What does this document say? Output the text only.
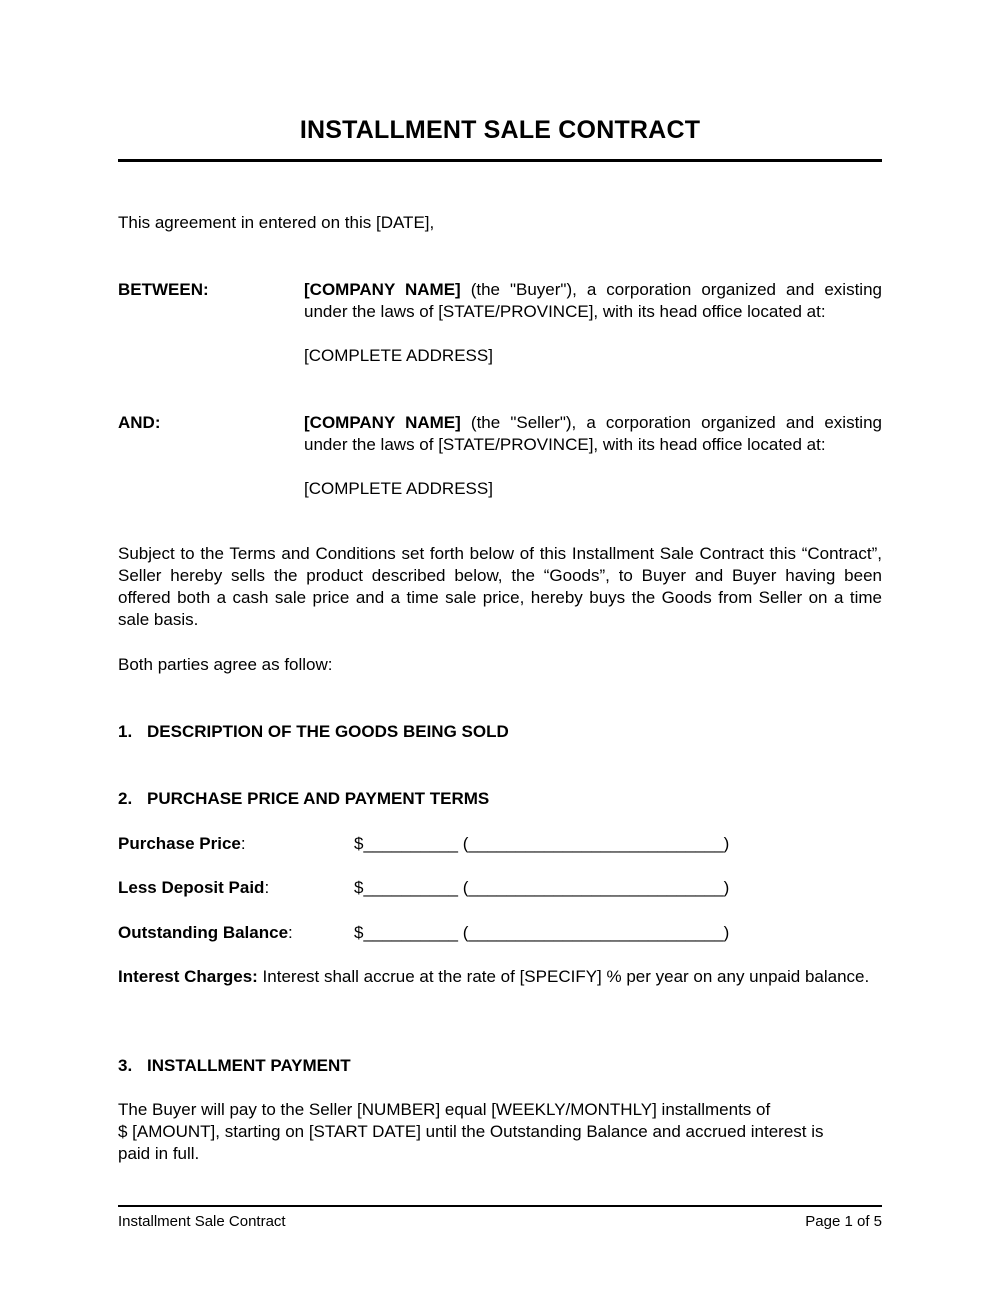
INSTALLMENT SALE CONTRACT
This agreement in entered on this [DATE],
BETWEEN:	[COMPANY NAME] (the "Buyer"), a corporation organized and existing under the laws of [STATE/PROVINCE], with its head office located at:
[COMPLETE ADDRESS]
AND:	[COMPANY NAME] (the "Seller"), a corporation organized and existing under the laws of [STATE/PROVINCE], with its head office located at:
[COMPLETE ADDRESS]
Subject to the Terms and Conditions set forth below of this Installment Sale Contract this “Contract”, Seller hereby sells the product described below, the “Goods”, to Buyer and Buyer having been offered both a cash sale price and a time sale price, hereby buys the Goods from Seller on a time sale basis.
Both parties agree as follow:
1. DESCRIPTION OF THE GOODS BEING SOLD
2. PURCHASE PRICE AND PAYMENT TERMS
Purchase Price:	$__________ (___________________________)
Less Deposit Paid:	$__________ (___________________________)
Outstanding Balance:	$__________ (___________________________)
Interest Charges: Interest shall accrue at the rate of [SPECIFY] % per year on any unpaid balance.
3. INSTALLMENT PAYMENT
The Buyer will pay to the Seller [NUMBER] equal [WEEKLY/MONTHLY] installments of
$ [AMOUNT], starting on [START DATE] until the Outstanding Balance and accrued interest is
paid in full.
Installment Sale Contract	Page 1 of 5
